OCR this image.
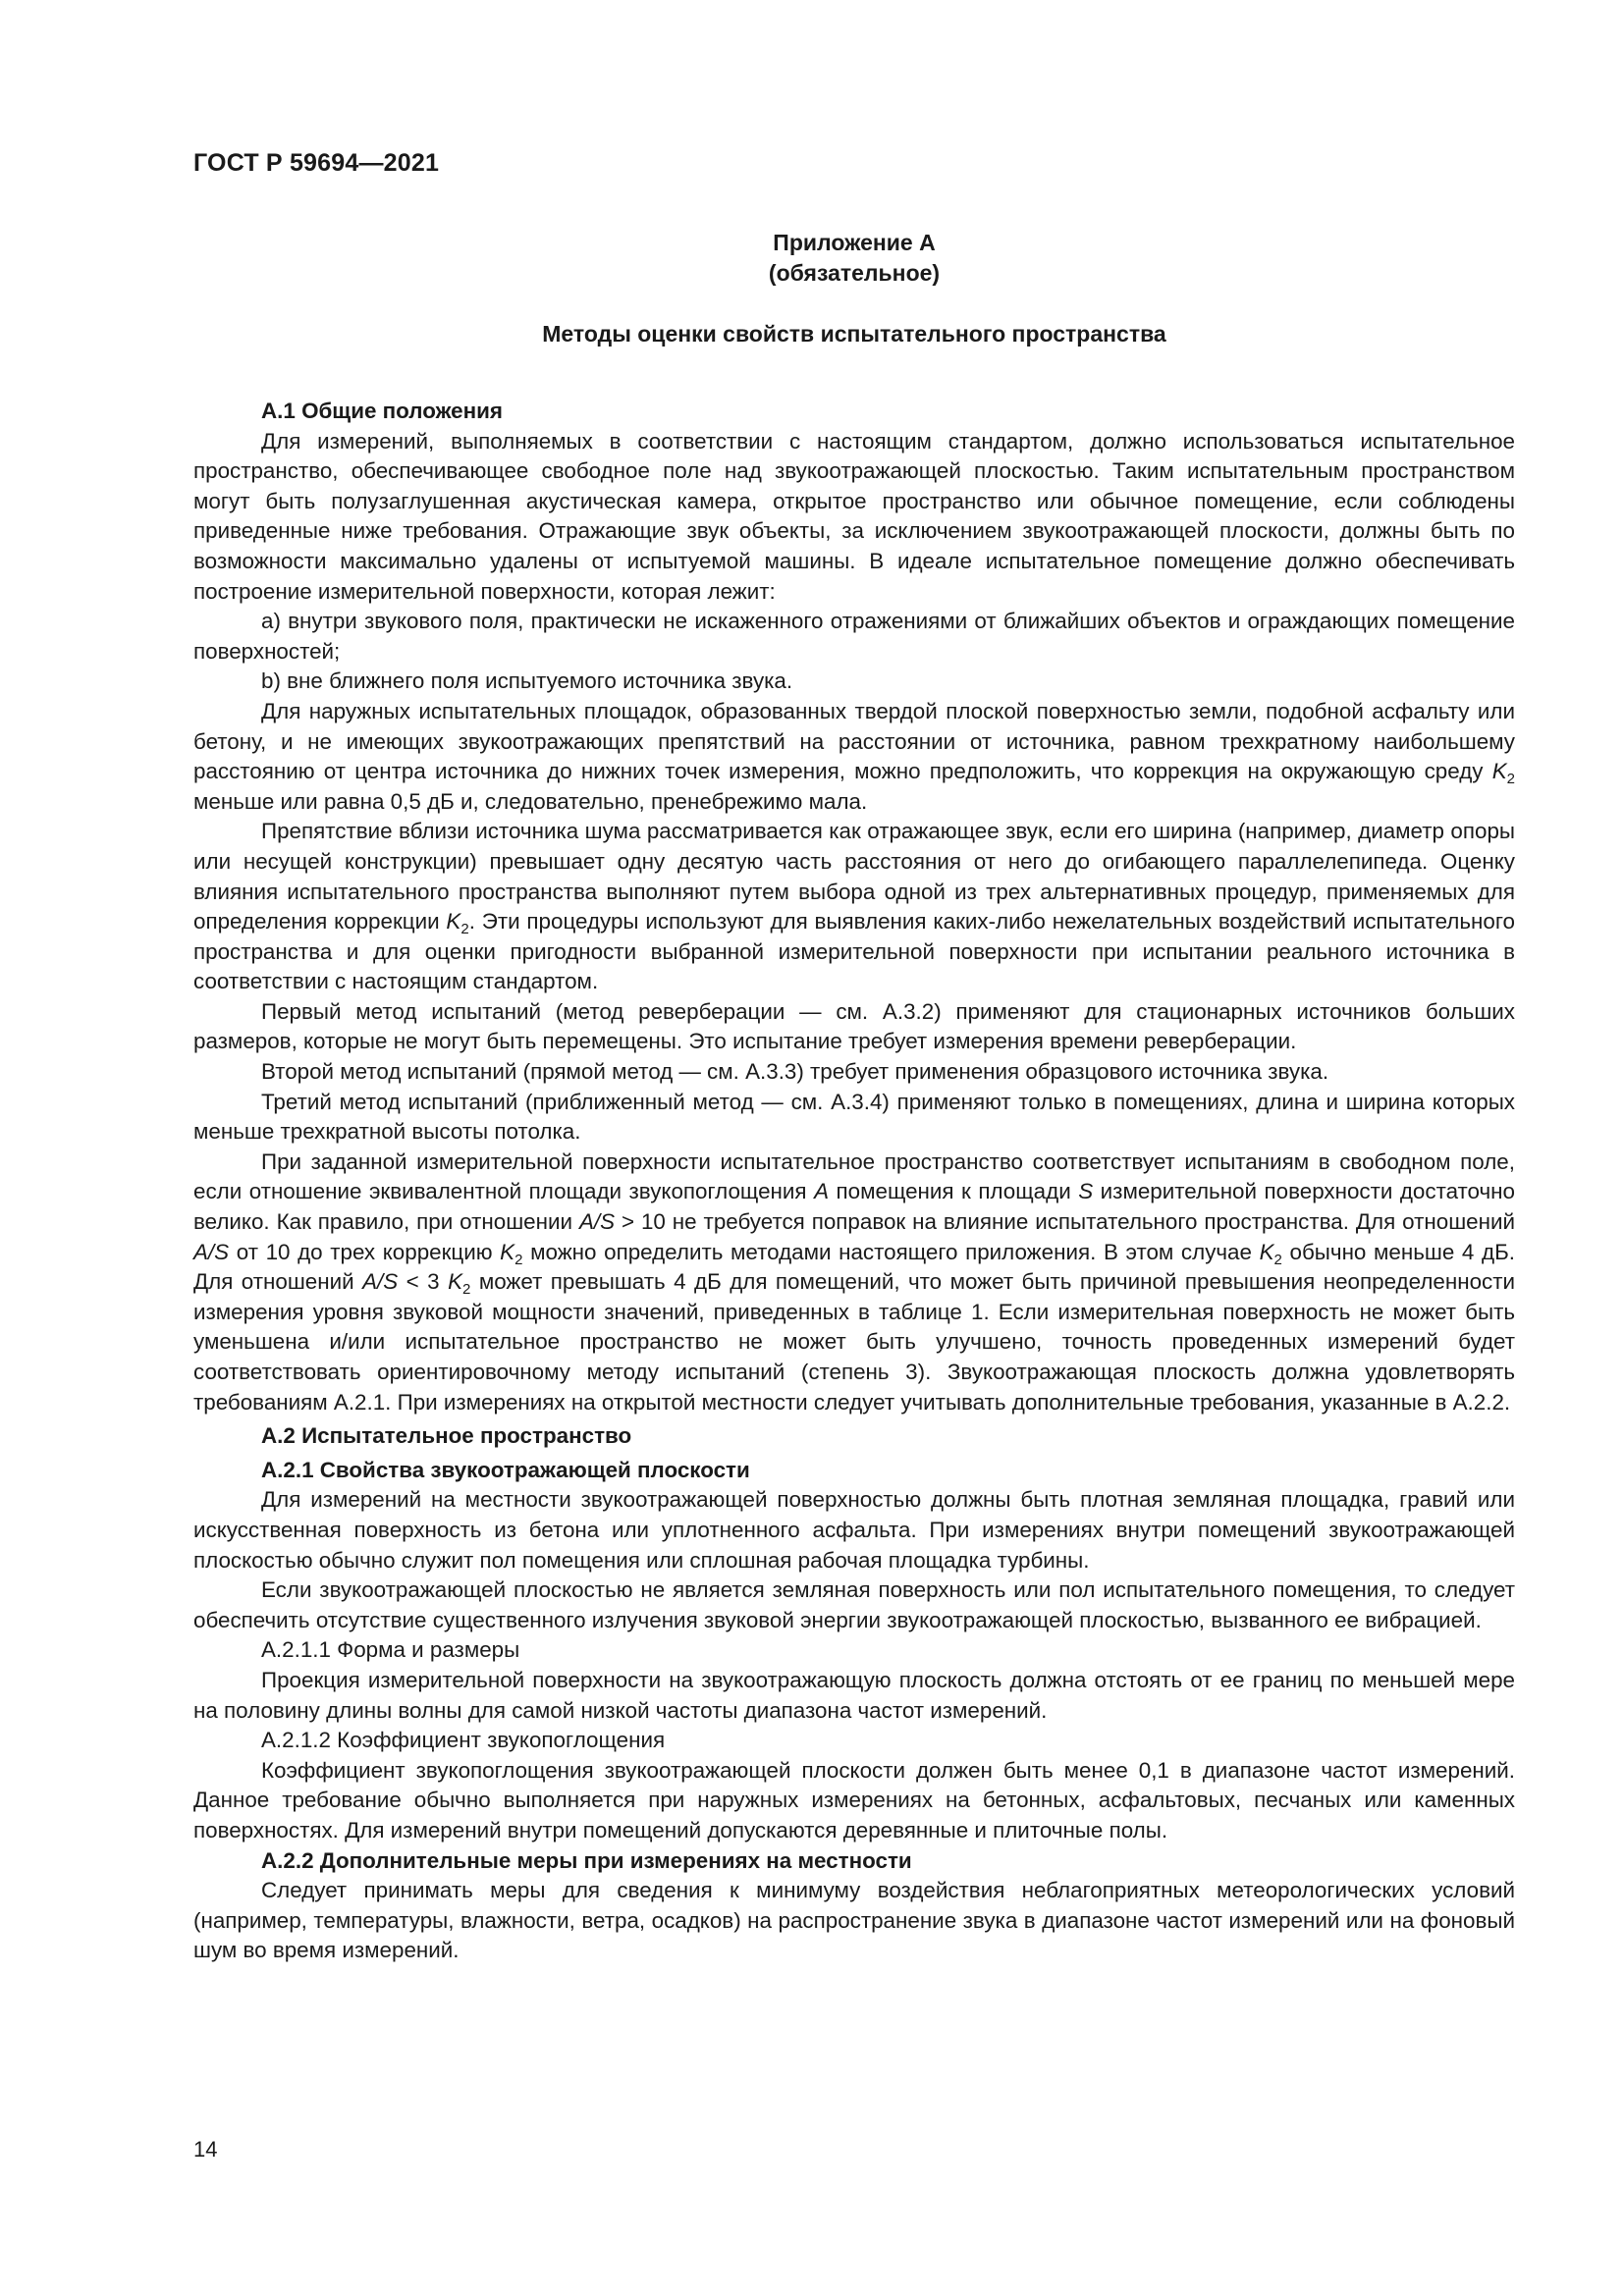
ГОСТ Р 59694—2021
Приложение А
(обязательное)
Методы оценки свойств испытательного пространства
А.1 Общие положения

Для измерений, выполняемых в соответствии с настоящим стандартом, должно использоваться испытательное пространство, обеспечивающее свободное поле над звукоотражающей плоскостью. Таким испытательным пространством могут быть полузаглушенная акустическая камера, открытое пространство или обычное помещение, если соблюдены приведенные ниже требования. Отражающие звук объекты, за исключением звукоотражающей плоскости, должны быть по возможности максимально удалены от испытуемой машины. В идеале испытательное помещение должно обеспечивать построение измерительной поверхности, которая лежит:

а) внутри звукового поля, практически не искаженного отражениями от ближайших объектов и ограждающих помещение поверхностей;

b) вне ближнего поля испытуемого источника звука.

Для наружных испытательных площадок, образованных твердой плоской поверхностью земли, подобной асфальту или бетону, и не имеющих звукоотражающих препятствий на расстоянии от источника, равном трехкратному наибольшему расстоянию от центра источника до нижних точек измерения, можно предположить, что коррекция на окружающую среду $K_2$ меньше или равна 0,5 дБ и, следовательно, пренебрежимо мала.

Препятствие вблизи источника шума рассматривается как отражающее звук, если его ширина (например, диаметр опоры или несущей конструкции) превышает одну десятую часть расстояния от него до огибающего параллелепипеда. Оценку влияния испытательного пространства выполняют путем выбора одной из трех альтернативных процедур, применяемых для определения коррекции $K_2$. Эти процедуры используют для выявления каких-либо нежелательных воздействий испытательного пространства и для оценки пригодности выбранной измерительной поверхности при испытании реального источника в соответствии с настоящим стандартом.

Первый метод испытаний (метод реверберации — см. А.3.2) применяют для стационарных источников больших размеров, которые не могут быть перемещены. Это испытание требует измерения времени реверберации.

Второй метод испытаний (прямой метод — см. А.3.3) требует применения образцового источника звука.

Третий метод испытаний (приближенный метод — см. А.3.4) применяют только в помещениях, длина и ширина которых меньше трехкратной высоты потолка.

При заданной измерительной поверхности испытательное пространство соответствует испытаниям в свободном поле, если отношение эквивалентной площади звукопоглощения A помещения к площади S измерительной поверхности достаточно велико. Как правило, при отношении A/S > 10 не требуется поправок на влияние испытательного пространства. Для отношений A/S от 10 до трех коррекцию $K_2$ можно определить методами настоящего приложения. В этом случае $K_2$ обычно меньше 4 дБ. Для отношений A/S < 3 $K_2$ может превышать 4 дБ для помещений, что может быть причиной превышения неопределенности измерения уровня звуковой мощности значений, приведенных в таблице 1. Если измерительная поверхность не может быть уменьшена и/или испытательное пространство не может быть улучшено, точность проведенных измерений будет соответствовать ориентировочному методу испытаний (степень 3). Звукоотражающая плоскость должна удовлетворять требованиям А.2.1. При измерениях на открытой местности следует учитывать дополнительные требования, указанные в А.2.2.

А.2 Испытательное пространство
А.2.1 Свойства звукоотражающей плоскости

Для измерений на местности звукоотражающей поверхностью должны быть плотная земляная площадка, гравий или искусственная поверхность из бетона или уплотненного асфальта. При измерениях внутри помещений звукоотражающей плоскостью обычно служит пол помещения или сплошная рабочая площадка турбины.

Если звукоотражающей плоскостью не является земляная поверхность или пол испытательного помещения, то следует обеспечить отсутствие существенного излучения звуковой энергии звукоотражающей плоскостью, вызванного ее вибрацией.

А.2.1.1 Форма и размеры

Проекция измерительной поверхности на звукоотражающую плоскость должна отстоять от ее границ по меньшей мере на половину длины волны для самой низкой частоты диапазона частот измерений.

А.2.1.2 Коэффициент звукопоглощения

Коэффициент звукопоглощения звукоотражающей плоскости должен быть менее 0,1 в диапазоне частот измерений. Данное требование обычно выполняется при наружных измерениях на бетонных, асфальтовых, песчаных или каменных поверхностях. Для измерений внутри помещений допускаются деревянные и плиточные полы.

А.2.2 Дополнительные меры при измерениях на местности

Следует принимать меры для сведения к минимуму воздействия неблагоприятных метеорологических условий (например, температуры, влажности, ветра, осадков) на распространение звука в диапазоне частот измерений или на фоновый шум во время измерений.

14
